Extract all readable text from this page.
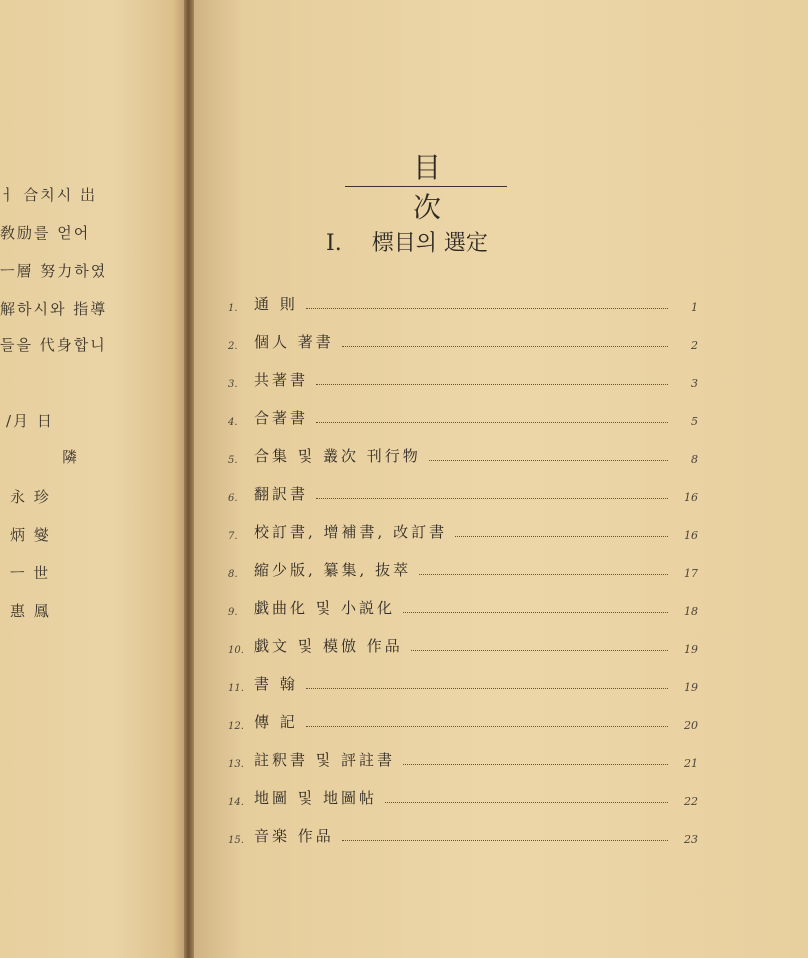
ㅓ 合치시 岀
敎励를 얻어
ㅡ層 努力하였
解하시와 指導
들을 代身합니
/月 日
隣
永 珍
炳 燮
ㅡ 世
惠 鳳
目次
I. 標目의 選定
1.	通 則	1
2.	個人 著書	2
3.	共著書	3
4.	合著書	5
5.	合集 및 叢次 刊行物	8
6.	翻訳書	16
7.	校訂書, 增補書, 改訂書	16
8.	縮少版, 纂集, 抜萃	17
9.	戯曲化 및 小説化	18
10. 戯文 및 模倣 作品	19
11. 書 翰	19
12. 傳 記	20
13. 註釈書 및 評註書	21
14. 地圖 및 地圖帖	22
15. 音楽 作品	23
